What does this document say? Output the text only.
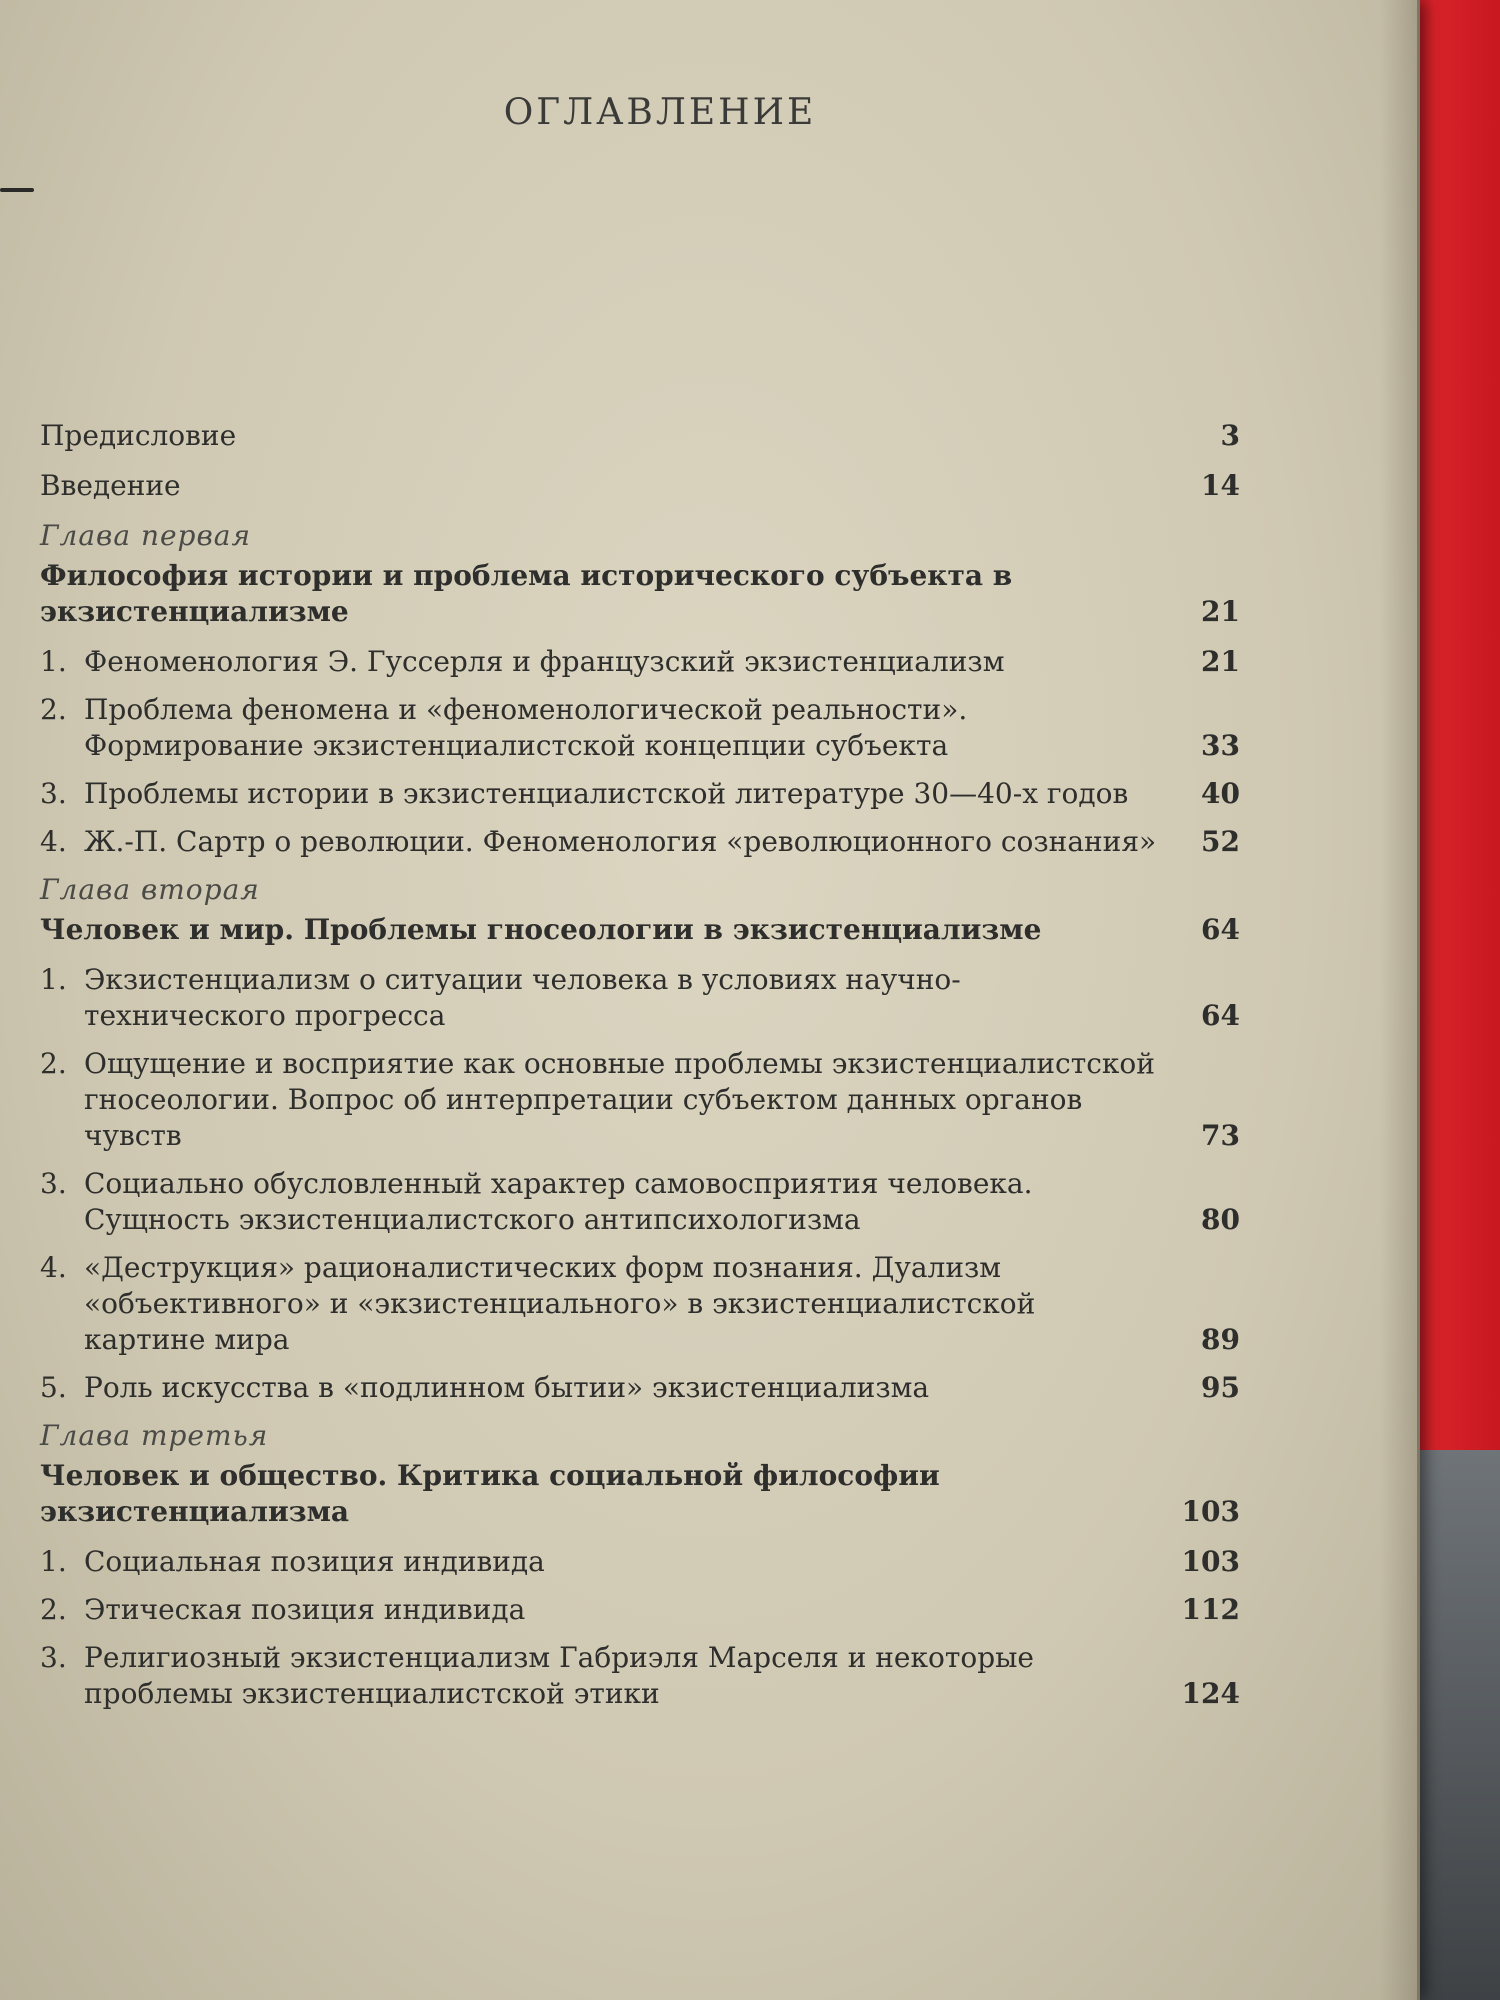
ОГЛАВЛЕНИЕ
Предисловие	3
Введение	14
Глава первая
Философия истории и проблема исторического субъекта в экзистенциализме	21
1. Феноменология Э. Гуссерля и французский экзистенциализм	21
2. Проблема феномена и «феноменологической реальности». Формирование экзистенциалистской концепции субъекта	33
3. Проблемы истории в экзистенциалистской литературе 30—40-х годов	40
4. Ж.-П. Сартр о революции. Феноменология «революционного сознания»	52
Глава вторая
Человек и мир. Проблемы гносеологии в экзистенциализме	64
1. Экзистенциализм о ситуации человека в условиях научно-технического прогресса	64
2. Ощущение и восприятие как основные проблемы экзистенциалистской гносеологии. Вопрос об интерпретации субъектом данных органов чувств	73
3. Социально обусловленный характер самовосприятия человека. Сущность экзистенциалистского антипсихологизма	80
4. «Деструкция» рационалистических форм познания. Дуализм «объективного» и «экзистенциального» в экзистенциалистской картине мира	89
5. Роль искусства в «подлинном бытии» экзистенциализма	95
Глава третья
Человек и общество. Критика социальной философии экзистенциализма	103
1. Социальная позиция индивида	103
2. Этическая позиция индивида	112
3. Религиозный экзистенциализм Габриэля Марселя и некоторые проблемы экзистенциалистской этики	124
